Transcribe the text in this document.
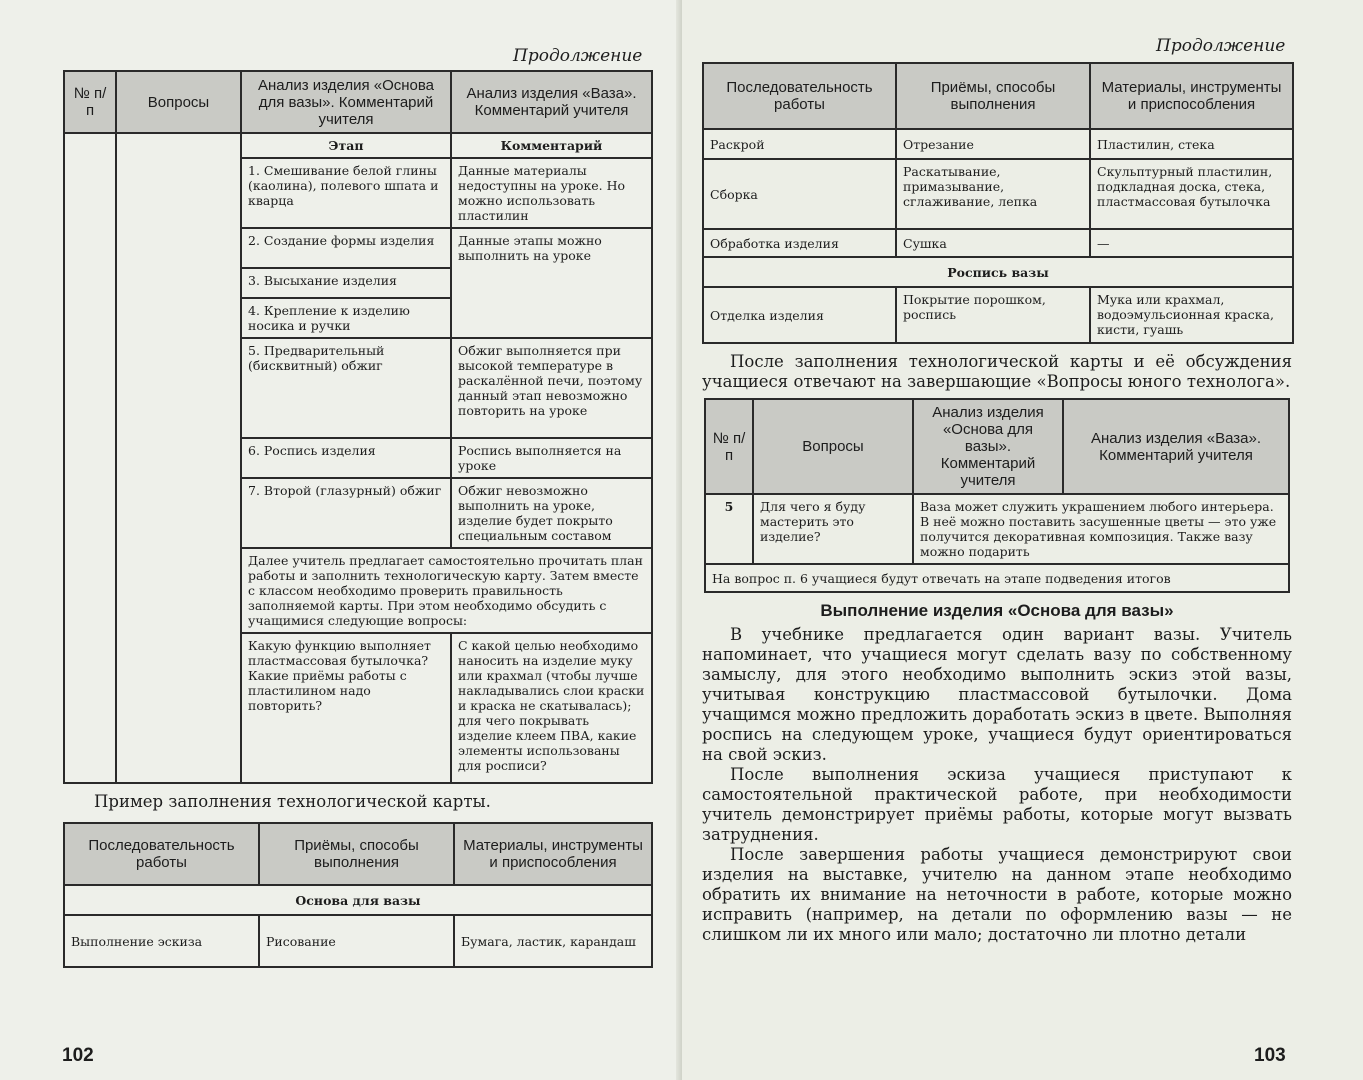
Продолжение
№ п/п	Вопросы	Анализ изделия «Основа для вазы». Комментарий учителя	Анализ изделия «Ваза». Комментарий учителя
		Этап	Комментарий
		1. Смешивание белой глины (каолина), полевого шпата и кварца	Данные материалы недоступны на уроке. Но можно использовать пластилин
		2. Создание формы изделия	Данные этапы можно выполнить на уроке
		3. Высыхание изделия	
		4. Крепление к изделию носика и ручки	
		5. Предварительный (бисквитный) обжиг	Обжиг выполняется при высокой температуре в раскалённой печи, поэтому данный этап невозможно повторить на уроке
		6. Роспись изделия	Роспись выполняется на уроке
		7. Второй (глазурный) обжиг	Обжиг невозможно выполнить на уроке, изделие будет покрыто специальным составом
		Далее учитель предлагает самостоятельно прочитать план работы и заполнить технологическую карту. Затем вместе с классом необходимо проверить правильность заполняемой карты. При этом необходимо обсудить с учащимися следующие вопросы:	
		Какую функцию выполняет пластмассовая бутылочка? Какие приёмы работы с пластилином надо повторить?	С какой целью необходимо наносить на изделие муку или крахмал (чтобы лучше накладывались слои краски и краска не скатывалась); для чего покрывать изделие клеем ПВА, какие элементы использованы для росписи?
Пример заполнения технологической карты.
Последовательность работы	Приёмы, способы выполнения	Материалы, инструменты и приспособления
Основа для вазы		
Выполнение эскиза	Рисование	Бумага, ластик, карандаш
102
Продолжение
Последовательность работы	Приёмы, способы выполнения	Материалы, инструменты и приспособления
Раскрой	Отрезание	Пластилин, стека
Сборка	Раскатывание, примазывание, сглаживание, лепка	Скульптурный пластилин, подкладная доска, стека, пластмассовая бутылочка
Обработка изделия	Сушка	—
Роспись вазы		
Отделка изделия	Покрытие порошком, роспись	Мука или крахмал, водоэмульсионная краска, кисти, гуашь
После заполнения технологической карты и её обсуждения учащиеся отвечают на завершающие «Вопросы юного технолога».
№ п/п	Вопросы	Анализ изделия «Основа для вазы». Комментарий учителя	Анализ изделия «Ваза». Комментарий учителя
5	Для чего я буду мастерить это изделие?	Ваза может служить украшением любого интерьера. В неё можно поставить засушенные цветы — это уже получится декоративная композиция. Также вазу можно подарить	
На вопрос п. 6 учащиеся будут отвечать на этапе подведения итогов			
Выполнение изделия «Основа для вазы»
В учебнике предлагается один вариант вазы. Учитель напоминает, что учащиеся могут сделать вазу по собственному замыслу, для этого необходимо выполнить эскиз этой вазы, учитывая конструкцию пластмассовой бутылочки. Дома учащимся можно предложить доработать эскиз в цвете. Выполняя роспись на следующем уроке, учащиеся будут ориентироваться на свой эскиз.
После выполнения эскиза учащиеся приступают к самостоятельной практической работе, при необходимости учитель демонстрирует приёмы работы, которые могут вызвать затруднения.
После завершения работы учащиеся демонстрируют свои изделия на выставке, учителю на данном этапе необходимо обратить их внимание на неточности в работе, которые можно исправить (например, на детали по оформлению вазы — не слишком ли их много или мало; достаточно ли плотно детали
103
